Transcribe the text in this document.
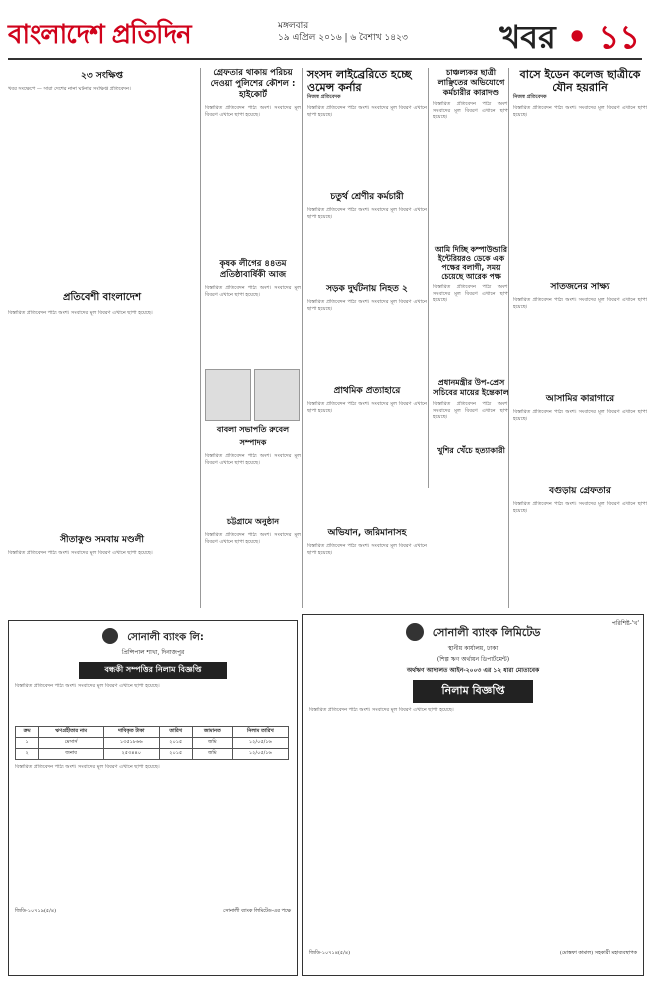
বাংলাদেশ প্রতিদিন	মঙ্গলবার
১৯ এপ্রিল ২০১৬ | ৬ বৈশাখ ১৪২৩	খবর • ১১
২৩ সংক্ষিপ্ত
খবর সংক্ষেপে — সারা দেশের নানা ঘটনার সংক্ষিপ্ত প্রতিবেদন।
প্রতিবেশী বাংলাদেশ
বিস্তারিত প্রতিবেদন পাঠ্য অংশ। সংবাদের মূল বিবরণ এখানে ছাপা হয়েছে।
সীতাকুণ্ড সমবায় মণ্ডলী
বিস্তারিত প্রতিবেদন পাঠ্য অংশ। সংবাদের মূল বিবরণ এখানে ছাপা হয়েছে।
গ্রেফতার থাকায় পরিচয় দেওয়া পুলিশের কৌশল : হাইকোর্ট
বিস্তারিত প্রতিবেদন পাঠ্য অংশ। সংবাদের মূল বিবরণ এখানে ছাপা হয়েছে।
কৃষক লীগের ৪৪তম প্রতিষ্ঠাবার্ষিকী আজ
বিস্তারিত প্রতিবেদন পাঠ্য অংশ। সংবাদের মূল বিবরণ এখানে ছাপা হয়েছে।
বাবলা সভাপতি রুবেল সম্পাদক
বিস্তারিত প্রতিবেদন পাঠ্য অংশ। সংবাদের মূল বিবরণ এখানে ছাপা হয়েছে।
চট্টগ্রামে অনুষ্ঠান
বিস্তারিত প্রতিবেদন পাঠ্য অংশ। সংবাদের মূল বিবরণ এখানে ছাপা হয়েছে।
সংসদ লাইব্রেরিতে হচ্ছে ওমেন্স কর্নার
নিজস্ব প্রতিবেদক
বিস্তারিত প্রতিবেদন পাঠ্য অংশ। সংবাদের মূল বিবরণ এখানে ছাপা হয়েছে।
চতুর্থ শ্রেণীর কর্মচারী
বিস্তারিত প্রতিবেদন পাঠ্য অংশ। সংবাদের মূল বিবরণ এখানে ছাপা হয়েছে।
সড়ক দুর্ঘটনায় নিহত ২
বিস্তারিত প্রতিবেদন পাঠ্য অংশ। সংবাদের মূল বিবরণ এখানে ছাপা হয়েছে।
প্রাথমিক প্রত্যাহারে
বিস্তারিত প্রতিবেদন পাঠ্য অংশ। সংবাদের মূল বিবরণ এখানে ছাপা হয়েছে।
অভিযান, জরিমানাসহ
বিস্তারিত প্রতিবেদন পাঠ্য অংশ। সংবাদের মূল বিবরণ এখানে ছাপা হয়েছে।
চাঞ্চল্যকর ছাত্রী লাঞ্ছিতের অভিযোগে কর্মচারীর কারাদণ্ড
বিস্তারিত প্রতিবেদন পাঠ্য অংশ। সংবাদের মূল বিবরণ এখানে ছাপা হয়েছে।
আমি দিচ্ছি কম্পাউন্ডারি ইন্টেরিয়রও ডেকে এক পক্ষের বলাগী, সময় চেয়েছে আরেক পক্ষ
বিস্তারিত প্রতিবেদন পাঠ্য অংশ। সংবাদের মূল বিবরণ এখানে ছাপা হয়েছে।
প্রধানমন্ত্রীর উপ-প্রেস সচিবের মায়ের ইন্তেকাল
বিস্তারিত প্রতিবেদন পাঠ্য অংশ। সংবাদের মূল বিবরণ এখানে ছাপা হয়েছে।
খুশির খেঁচে হত্যাকারী
বাসে ইডেন কলেজ ছাত্রীকে যৌন হয়রানি
নিজস্ব প্রতিবেদক
বিস্তারিত প্রতিবেদন পাঠ্য অংশ। সংবাদের মূল বিবরণ এখানে ছাপা হয়েছে।
সাতজনের সাক্ষ্য
বিস্তারিত প্রতিবেদন পাঠ্য অংশ। সংবাদের মূল বিবরণ এখানে ছাপা হয়েছে।
আসামির কারাগারে
বিস্তারিত প্রতিবেদন পাঠ্য অংশ। সংবাদের মূল বিবরণ এখানে ছাপা হয়েছে।
বগুড়ায় গ্রেফতার
বিস্তারিত প্রতিবেদন পাঠ্য অংশ। সংবাদের মূল বিবরণ এখানে ছাপা হয়েছে।
সোনালী ব্যাংক লি:
প্রিন্সিপাল শাখা, দিনাজপুর
বন্ধকী সম্পত্তির নিলাম বিজ্ঞপ্তি
বিস্তারিত প্রতিবেদন পাঠ্য অংশ। সংবাদের মূল বিবরণ এখানে ছাপা হয়েছে।
ক্রম	ঋণগ্রহীতার নাম	দাবিকৃত টাকা	তারিখ	জামানত	নিলাম তারিখ
১	মেসার্স	১৩৫১৮৬৬	২০১৫	জমি	১২/০৫/১৬
২	জনাব	২৫৩৪৪০	২০১৫	জমি	১২/০৫/১৬
বিস্তারিত প্রতিবেদন পাঠ্য অংশ। সংবাদের মূল বিবরণ এখানে ছাপা হয়েছে।
জিডি-১০৭১৯(৫/৪)	সোনালী ব্যাংক লিমিটেড-এর পক্ষে
পরিশিষ্ট-'খ'
সোনালী ব্যাংক লিমিটেড
স্থানীয় কার্যালয়, ঢাকা
(শিল্প ঋণ অর্থায়ন ডিপার্টমেন্ট)
অর্থঋণ আদালত আইন-২০০৩ এর ১২ ধারা মোতাবেক
নিলাম বিজ্ঞপ্তি
বিস্তারিত প্রতিবেদন পাঠ্য অংশ। সংবাদের মূল বিবরণ এখানে ছাপা হয়েছে।
জিডি-১০৭১৪(৫/৪)	(মোস্তফা কামাল) সহকারী মহাব্যবস্থাপক
